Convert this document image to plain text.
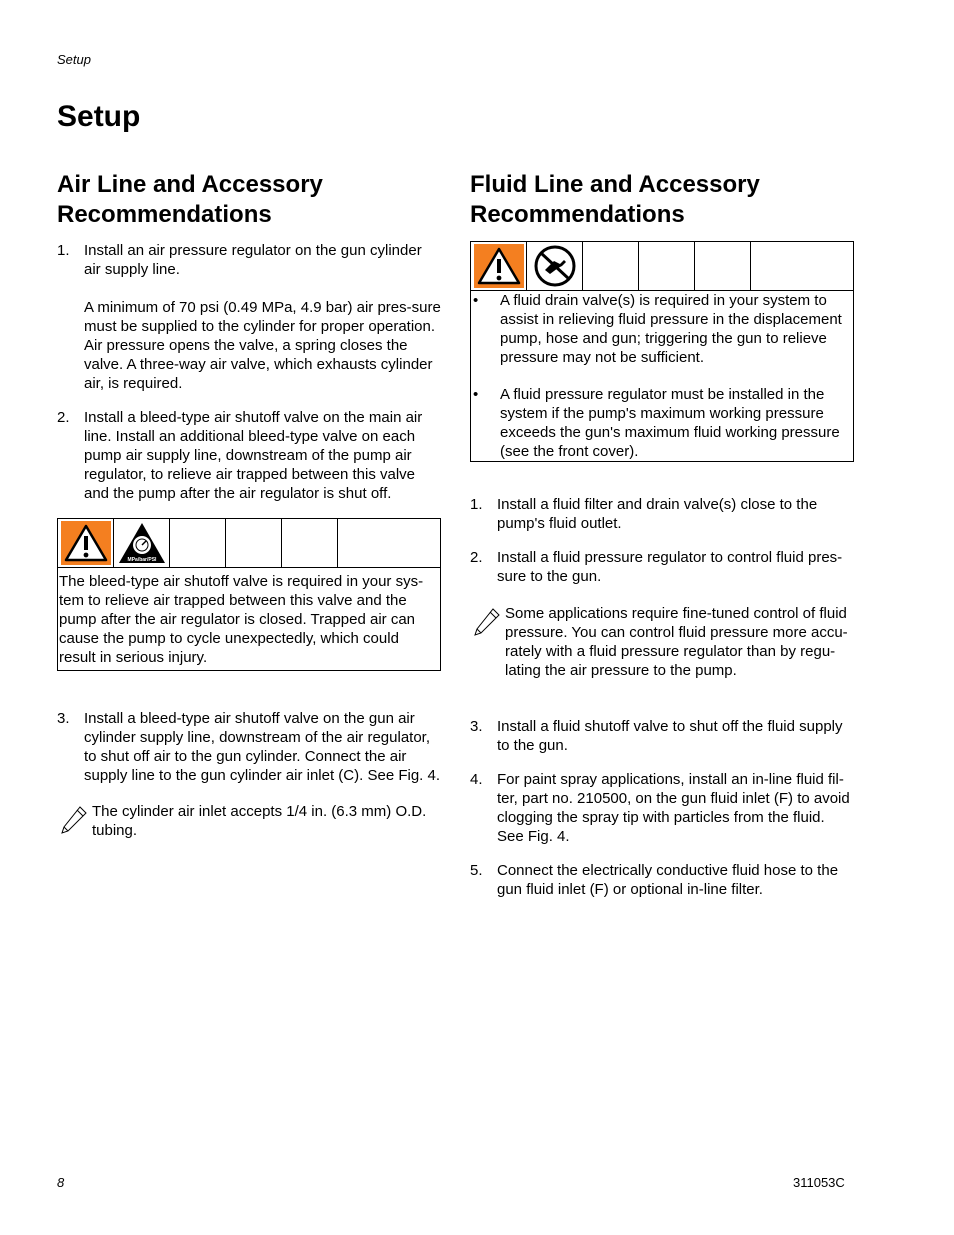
Setup
Setup
Air Line and Accessory Recommendations
1. Install an air pressure regulator on the gun cylinder air supply line.

A minimum of 70 psi (0.49 MPa, 4.9 bar) air pres-sure must be supplied to the cylinder for proper operation. Air pressure opens the valve, a spring closes the valve. A three-way air valve, which exhausts cylinder air, is required.

2. Install a bleed-type air shutoff valve on the main air line. Install an additional bleed-type valve on each pump air supply line, downstream of the pump air regulator, to relieve air trapped between this valve and the pump after the air regulator is shut off.

MPa/bar/PSI
The bleed-type air shutoff valve is required in your sys-tem to relieve air trapped between this valve and the pump after the air regulator is closed. Trapped air can cause the pump to cycle unexpectedly, which could result in serious injury.
3. Install a bleed-type air shutoff valve on the gun air cylinder supply line, downstream of the air regulator, to shut off air to the gun cylinder. Connect the air supply line to the gun cylinder air inlet (C). See Fig. 4.

The cylinder air inlet accepts 1/4 in. (6.3 mm) O.D. tubing.
Fluid Line and Accessory Recommendations
• A fluid drain valve(s) is required in your system to assist in relieving fluid pressure in the displacement pump, hose and gun; triggering the gun to relieve pressure may not be sufficient.
• A fluid pressure regulator must be installed in the system if the pump's maximum working pressure exceeds the gun's maximum fluid working pressure (see the front cover).
1. Install a fluid filter and drain valve(s) close to the pump's fluid outlet.

2. Install a fluid pressure regulator to control fluid pres-sure to the gun.

Some applications require fine-tuned control of fluid pressure. You can control fluid pressure more accu-rately with a fluid pressure regulator than by regu-lating the air pressure to the pump.
3. Install a fluid shutoff valve to shut off the fluid supply to the gun.

4. For paint spray applications, install an in-line fluid fil-ter, part no. 210500, on the gun fluid inlet (F) to avoid clogging the spray tip with particles from the fluid. See Fig. 4.

5. Connect the electrically conductive fluid hose to the gun fluid inlet (F) or optional in-line filter.

8	311053C
